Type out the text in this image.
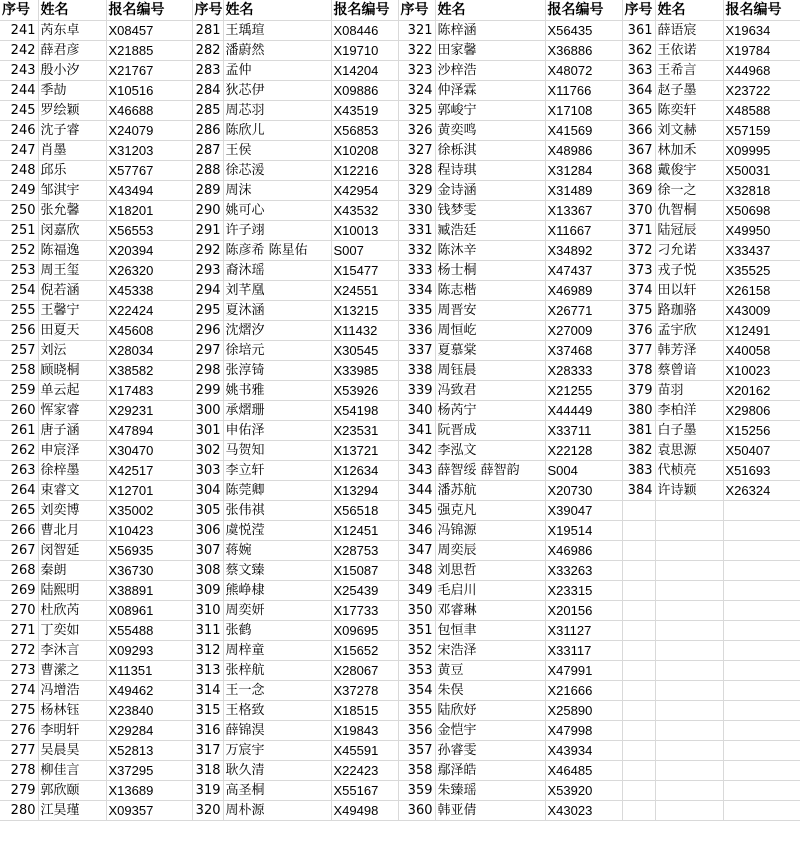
序号	姓名	报名编号	序号	姓名	报名编号	序号	姓名	报名编号	序号	姓名	报名编号
241	芮东卓	X08457	281	王瑀瑄	X08446	321	陈梓涵	X56435	361	薛语宸	X19634
242	薛君彦	X21885	282	潘蔚然	X19710	322	田家馨	X36886	362	王依诺	X19784
243	殷小汐	X21767	283	孟仲	X14204	323	沙梓浩	X48072	363	王希言	X44968
244	季劼	X10516	284	狄芯伊	X09886	324	仲泽霖	X11766	364	赵子墨	X23722
245	罗绘颖	X46688	285	周芯羽	X43519	325	郭峻宁	X17108	365	陈奕轩	X48588
246	沈子睿	X24079	286	陈欣儿	X56853	326	黄奕鸣	X41569	366	刘文赫	X57159
247	肖墨	X31203	287	王侯	X10208	327	徐栎淇	X48986	367	林加禾	X09995
248	邱乐	X57767	288	徐芯湲	X12216	328	程诗琪	X31284	368	戴俊宇	X50031
249	邹淇宇	X43494	289	周沫	X42954	329	金诗涵	X31489	369	徐一之	X32818
250	张允馨	X18201	290	姚可心	X43532	330	钱梦雯	X13367	370	仇智桐	X50698
251	闵嘉欣	X56553	291	许子翊	X10013	331	臧浩廷	X11667	371	陆冠辰	X49950
252	陈福逸	X20394	292	陈彦希 陈星佑	S007	332	陈沐辛	X34892	372	刁允诺	X33437
253	周王玺	X26320	293	裔沐瑶	X15477	333	杨士桐	X47437	373	戎子悦	X35525
254	倪若涵	X45338	294	刘芊凰	X24551	334	陈志楷	X46989	374	田以轩	X26158
255	王馨宁	X22424	295	夏沐涵	X13215	335	周晋安	X26771	375	路珈骆	X43009
256	田夏天	X45608	296	沈熠汐	X11432	336	周恒屹	X27009	376	孟宇欣	X12491
257	刘沄	X28034	297	徐培元	X30545	337	夏慕棠	X37468	377	韩芳泽	X40058
258	顾晓桐	X38582	298	张淳锜	X33985	338	周钰晨	X28333	378	蔡曾谙	X10023
259	单云起	X17483	299	姚书雅	X53926	339	冯致君	X21255	379	苗羽	X20162
260	恽家睿	X29231	300	承熠珊	X54198	340	杨芮宁	X44449	380	李柏洋	X29806
261	唐子涵	X47894	301	申佑泽	X23531	341	阮晋成	X33711	381	白子墨	X15256
262	申宸泽	X30470	302	马贺知	X13721	342	李泓文	X22128	382	袁思源	X50407
263	徐梓墨	X42517	303	李立轩	X12634	343	薛智绥 薛智韵	S004	383	代桢亮	X51693
264	束睿文	X12701	304	陈莞卿	X13294	344	潘苏航	X20730	384	许诗颖	X26324
265	刘奕博	X35002	305	张伟祺	X56518	345	强克凡	X39047			
266	曹北月	X10423	306	虞悦滢	X12451	346	冯锦源	X19514			
267	闵智延	X56935	307	蒋婉	X28753	347	周奕辰	X46986			
268	秦朗	X36730	308	蔡文臻	X15087	348	刘思哲	X33263			
269	陆熙明	X38891	309	熊峥棣	X25439	349	毛启川	X23315			
270	杜欣芮	X08961	310	周奕妍	X17733	350	邓睿琳	X20156			
271	丁奕如	X55488	311	张鹤	X09695	351	包恒聿	X31127			
272	李沐言	X09293	312	周梓童	X15652	352	宋浩泽	X33117			
273	曹潆之	X11351	313	张梓航	X28067	353	黄豆	X47991			
274	冯增浩	X49462	314	王一念	X37278	354	朱俣	X21666			
275	杨林钰	X23840	315	王格致	X18515	355	陆欣妤	X25890			
276	李明轩	X29284	316	薛锦淏	X19843	356	金恺宇	X47998			
277	吴晨昊	X52813	317	万宸宇	X45591	357	孙睿雯	X43934			
278	柳佳言	X37295	318	耿久清	X22423	358	鄢泽皓	X46485			
279	郭欣颐	X13689	319	高圣桐	X55167	359	朱臻瑶	X53920			
280	江昊瑾	X09357	320	周朴源	X49498	360	韩亚倩	X43023			
